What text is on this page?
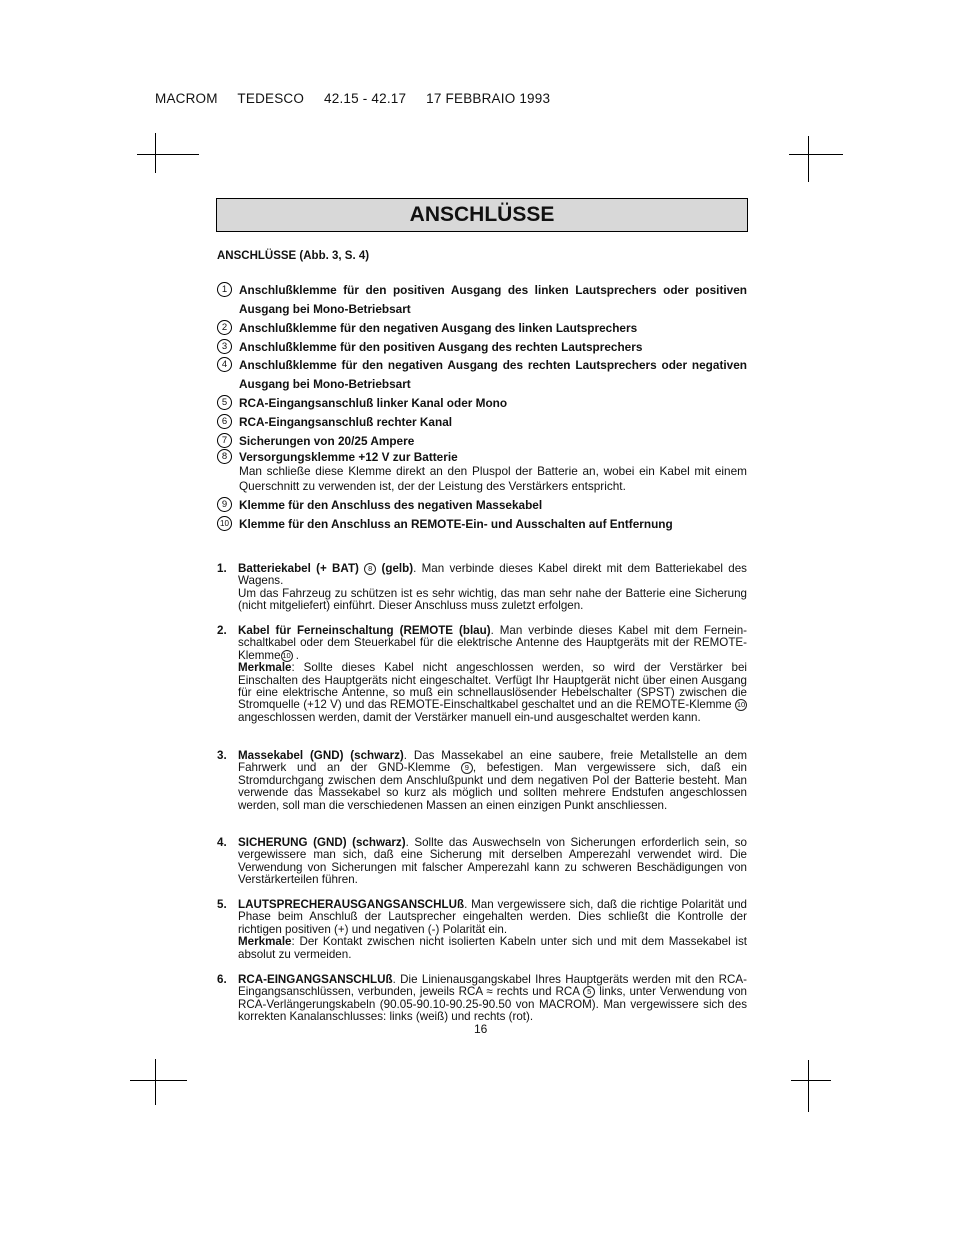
MACROM TEDESCO 42.15 - 42.17 17 FEBBRAIO 1993
ANSCHLÜSSE
ANSCHLÜSSE (Abb. 3, S. 4)
1	Anschlußklemme für den positiven Ausgang des linken Lautsprechers oder positiven Ausgang bei Mono-Betriebsart
2	Anschlußklemme für den negativen Ausgang des linken Lautsprechers
3	Anschlußklemme für den positiven Ausgang des rechten Lautsprechers
4	Anschlußklemme für den negativen Ausgang des rechten Lautsprechers oder negativen Ausgang bei Mono-Betriebsart
5	RCA-Eingangsanschluß linker Kanal oder Mono
6	RCA-Eingangsanschluß rechter Kanal
7	Sicherungen von 20/25 Ampere
8	Versorgungsklemme +12 V zur Batterie
Man schließe diese Klemme direkt an den Pluspol der Batterie an, wobei ein Kabel mit einem Querschnitt zu verwenden ist, der der Leistung des Verstärkers entspricht.
9	Klemme für den Anschluss des negativen Massekabel
10 Klemme für den Anschluss an REMOTE-Ein- und Ausschalten auf Entfernung
1. Batteriekabel (+ BAT) 8 (gelb). Man verbinde dieses Kabel direkt mit dem Batteriekabel des Wagens.

Um das Fahrzeug zu schützen ist es sehr wichtig, das man sehr nahe der Batterie eine Sicherung (nicht mitgeliefert) einführt. Dieser Anschluss muss zuletzt erfolgen.

2. Kabel für Ferneinschaltung (REMOTE (blau). Man verbinde dieses Kabel mit dem Fernein-schaltkabel oder dem Steuerkabel für die elektrische Antenne des Hauptgeräts mit der REMOTE-Klemme 10 .

Merkmale: Sollte dieses Kabel nicht angeschlossen werden, so wird der Verstärker bei Einschalten des Hauptgeräts nicht eingeschaltet. Verfügt Ihr Hauptgerät nicht über einen Ausgang für eine elektrische Antenne, so muß ein schnellauslösender Hebelschalter (SPST) zwischen die Stromquelle (+12 V) und das REMOTE-Einschaltkabel geschaltet und an die REMOTE-Klemme 10 angeschlossen werden, damit der Verstärker manuell ein-und ausgeschaltet werden kann.

3. Massekabel (GND) (schwarz). Das Massekabel an eine saubere, freie Metallstelle an dem Fahrwerk und an der GND-Klemme 9 , befestigen. Man vergewissere sich, daß ein Stromdurchgang zwischen dem Anschlußpunkt und dem negativen Pol der Batterie besteht. Man verwende das Massekabel so kurz als möglich und sollten mehrere Endstufen angeschlossen werden, soll man die verschiedenen Massen an einen einzigen Punkt anschliessen.

4. SICHERUNG (GND) (schwarz). Sollte das Auswechseln von Sicherungen erforderlich sein, so vergewissere man sich, daß eine Sicherung mit derselben Amperezahl verwendet wird. Die Verwendung von Sicherungen mit falscher Amperezahl kann zu schweren Beschädigungen von Verstärkerteilen führen.

5. LAUTSPRECHERAUSGANGSANSCHLUß. Man vergewissere sich, daß die richtige Polarität und Phase beim Anschluß der Lautsprecher eingehalten werden. Dies schließt die Kontrolle der richtigen positiven (+) und negativen (-) Polarität ein.

Merkmale: Der Kontakt zwischen nicht isolierten Kabeln unter sich und mit dem Massekabel ist absolut zu vermeiden.

6. RCA-EINGANGSANSCHLUß. Die Linienausgangskabel Ihres Hauptgeräts werden mit den RCA-Eingangsanschlüssen, verbunden, jeweils RCA ≈ rechts und RCA 5 links, unter Verwendung von RCA-Verlängerungskabeln (90.05-90.10-90.25-90.50 von MACROM). Man vergewissere sich des korrekten Kanalanschlusses: links (weiß) und rechts (rot).

16
